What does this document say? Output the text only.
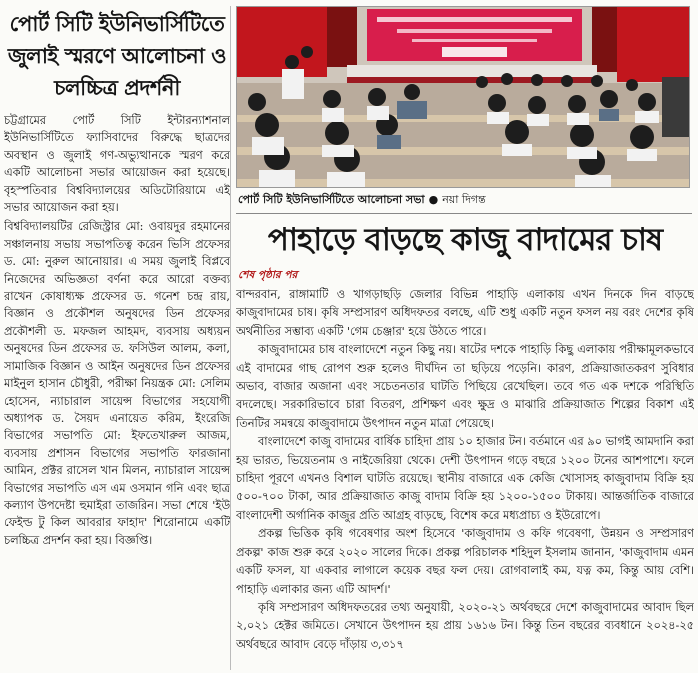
পোর্ট সিটি ইউনিভার্সিটিতে জুলাই স্মরণে আলোচনা ও চলচ্চিত্র প্রদর্শনী

চট্টগ্রামের পোর্ট সিটি ইন্টারন্যাশনাল ইউনিভার্সিটিতে ফ্যাসিবাদের বিরুদ্ধে ছাত্রদের অবস্থান ও জুলাই গণ-অভ্যুত্থানকে স্মরণ করে একটি আলোচনা সভার আয়োজন করা হয়েছে। বৃহস্পতিবার বিশ্ববিদ্যালয়ের অডিটোরিয়ামে এই সভার আয়োজন করা হয়।

বিশ্ববিদ্যালয়টির রেজিস্ট্রার মো: ওবায়দুর রহমানের সঞ্চালনায় সভায় সভাপতিত্ব করেন ভিসি প্রফেসর ড. মো: নুরুল আনোয়ার। এ সময় জুলাই বিপ্লবে নিজেদের অভিজ্ঞতা বর্ণনা করে আরো বক্তব্য রাখেন কোষাধ্যক্ষ প্রফেসর ড. গনেশ চন্দ্র রায়, বিজ্ঞান ও প্রকৌশল অনুষদের ডিন প্রফেসর প্রকৌশলী ড. মফজল আহমদ, ব্যবসায় অধ্যয়ন অনুষদের ডিন প্রফেসর ড. ফসিউল আলম, কলা, সামাজিক বিজ্ঞান ও আইন অনুষদের ডিন প্রফেসর মাইনুল হাসান চৌধুরী, পরীক্ষা নিয়ন্ত্রক মো: সেলিম হোসেন, ন্যাচারাল সায়েন্স বিভাগের সহযোগী অধ্যাপক ড. সৈয়দ এনায়েত করিম, ইংরেজি বিভাগের সভাপতি মো: ইফতেখারুল আজম, ব্যবসায় প্রশাসন বিভাগের সভাপতি ফারজানা আমিন, প্রক্টর রাসেল খান মিলন, ন্যাচারাল সায়েন্স বিভাগের সভাপতি এস এম ওসমান গনি এবং ছাত্র কল্যাণ উপদেষ্টা হুমাইরা তাজরিন। সভা শেষে 'ইউ ফেইল্ড টু কিল আবরার ফাহাদ' শিরোনামে একটি চলচ্চিত্র প্রদর্শন করা হয়। বিজ্ঞপ্তি।

পোর্ট সিটি ইউনিভার্সিটিতে আলোচনা সভা ● নয়া দিগন্ত
পাহাড়ে বাড়ছে কাজু বাদামের চাষ
শেষ পৃষ্ঠার পর

বান্দরবান, রাঙ্গামাটি ও খাগড়াছড়ি জেলার বিভিন্ন পাহাড়ি এলাকায় এখন দিনকে দিন বাড়ছে কাজুবাদামের চাষ। কৃষি সম্প্রসারণ অধিদফতর বলছে, এটি শুধু একটি নতুন ফসল নয় বরং দেশের কৃষি অর্থনীতির সম্ভাব্য একটি 'গেম চেঞ্জার' হয়ে উঠতে পারে।

কাজুবাদামের চাষ বাংলাদেশে নতুন কিছু নয়। ষাটের দশকে পাহাড়ি কিছু এলাকায় পরীক্ষামূলকভাবে এই বাদামের গাছ রোপণ শুরু হলেও দীর্ঘদিন তা ছড়িয়ে পড়েনি। কারণ, প্রক্রিয়াজাতকরণ সুবিধার অভাব, বাজার অজানা এবং সচেতনতার ঘাটতি পিছিয়ে রেখেছিল। তবে গত এক দশকে পরিস্থিতি বদলেছে। সরকারিভাবে চারা বিতরণ, প্রশিক্ষণ এবং ক্ষুদ্র ও মাঝারি প্রক্রিয়াজাত শিল্পের বিকাশ এই তিনটির সমন্বয়ে কাজুবাদামে উৎপাদন নতুন মাত্রা পেয়েছে।

বাংলাদেশে কাজু বাদামের বার্ষিক চাহিদা প্রায় ১০ হাজার টন। বর্তমানে এর ৯০ ভাগই আমদানি করা হয় ভারত, ভিয়েতনাম ও নাইজেরিয়া থেকে। দেশী উৎপাদন গড়ে বছরে ১২০০ টনের আশপাশে। ফলে চাহিদা পূরণে এখনও বিশাল ঘাটতি রয়েছে। স্থানীয় বাজারে এক কেজি খোসাসহ কাজুবাদাম বিক্রি হয় ৫০০-৭০০ টাকা, আর প্রক্রিয়াজাত কাজু বাদাম বিক্রি হয় ১২০০-১৫০০ টাকায়। আন্তর্জাতিক বাজারে বাংলাদেশী অর্গানিক কাজুর প্রতি আগ্রহ বাড়ছে, বিশেষ করে মধ্যপ্রাচ্য ও ইউরোপে।

প্রকল্প ভিত্তিক কৃষি গবেষণার অংশ হিসেবে 'কাজুবাদাম ও কফি গবেষণা, উন্নয়ন ও সম্প্রসারণ প্রকল্প' কাজ শুরু করে ২০২০ সালের দিকে। প্রকল্প পরিচালক শহিদুল ইসলাম জানান, 'কাজুবাদাম এমন একটি ফসল, যা একবার লাগালে কয়েক বছর ফল দেয়। রোগবালাই কম, যত্ন কম, কিন্তু আয় বেশি। পাহাড়ি এলাকার জন্য এটি আদর্শ।'

কৃষি সম্প্রসারণ অধিদফতরের তথ্য অনুযায়ী, ২০২০-২১ অর্থবছরে দেশে কাজুবাদামের আবাদ ছিল ২,০২১ হেক্টর জমিতে। সেখানে উৎপাদন হয় প্রায় ১৬১৬ টন। কিন্তু তিন বছরের ব্যবধানে ২০২৪-২৫ অর্থবছরে আবাদ বেড়ে দাঁড়ায় ৩,৩১৭
